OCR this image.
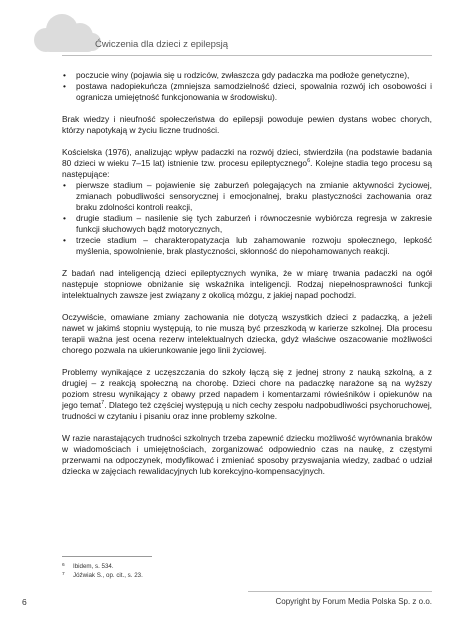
Ćwiczenia dla dzieci z epilepsją
• poczucie winy (pojawia się u rodziców, zwłaszcza gdy padaczka ma podłoże genetyczne),
• postawa nadopiekuńcza (zmniejsza samodzielność dzieci, spowalnia rozwój ich osobowości i ogranicza umiejętność funkcjonowania w środowisku).

Brak wiedzy i nieufność społeczeństwa do epilepsji powoduje pewien dystans wobec chorych, którzy napotykają w życiu liczne trudności.

Kościelska (1976), analizując wpływ padaczki na rozwój dzieci, stwierdziła (na podstawie badania 80 dzieci w wieku 7–15 lat) istnienie tzw. procesu epileptycznego$^6$. Kolejne stadia tego procesu są następujące:

• pierwsze stadium – pojawienie się zaburzeń polegających na zmianie aktywności życiowej, zmianach pobudliwości sensorycznej i emocjonalnej, braku plastyczności zachowania oraz braku zdolności kontroli reakcji,
• drugie stadium – nasilenie się tych zaburzeń i równoczesnie wybiórcza regresja w zakresie funkcji słuchowych bądź motorycznych,
• trzecie stadium – charakteropatyzacja lub zahamowanie rozwoju społecznego, lepkość myślenia, spowolnienie, brak plastyczności, skłonność do niepohamowanych reakcji.

Z badań nad inteligencją dzieci epileptycznych wynika, że w miarę trwania padaczki na ogół następuje stopniowe obniżanie się wskaźnika inteligencji. Rodzaj niepełnosprawności funkcji intelektualnych zawsze jest związany z okolicą mózgu, z jakiej napad pochodzi.

Oczywiście, omawiane zmiany zachowania nie dotyczą wszystkich dzieci z padaczką, a jeżeli nawet w jakimś stopniu występują, to nie muszą być przeszkodą w karierze szkolnej. Dla procesu terapii ważna jest ocena rezerw intelektualnych dziecka, gdyż właściwe oszacowanie możliwości chorego pozwala na ukierunkowanie jego linii życiowej.

Problemy wynikające z uczęszczania do szkoły łączą się z jednej strony z nauką szkolną, a z drugiej – z reakcją społeczną na chorobę. Dzieci chore na padaczkę narażone są na wyższy poziom stresu wynikający z obawy przed napadem i komentarzami rówieśników i opiekunów na jego temat$^7$. Dlatego też częściej występują u nich cechy zespołu nadpobudliwości psychoruchowej, trudności w czytaniu i pisaniu oraz inne problemy szkolne.

W razie narastających trudności szkolnych trzeba zapewnić dziecku możliwość wyrównania braków w wiadomościach i umiejętnościach, zorganizować odpowiednio czas na naukę, z częstymi przerwami na odpoczynek, modyfikować i zmieniać sposoby przyswajania wiedzy, zadbać o udział dziecka w zajęciach rewalidacyjnych lub korekcyjno-kompensacyjnych.

6 Ibidem, s. 534.
7 Jóźwiak S., op. cit., s. 23.
6	Copyright by Forum Media Polska Sp. z o.o.
